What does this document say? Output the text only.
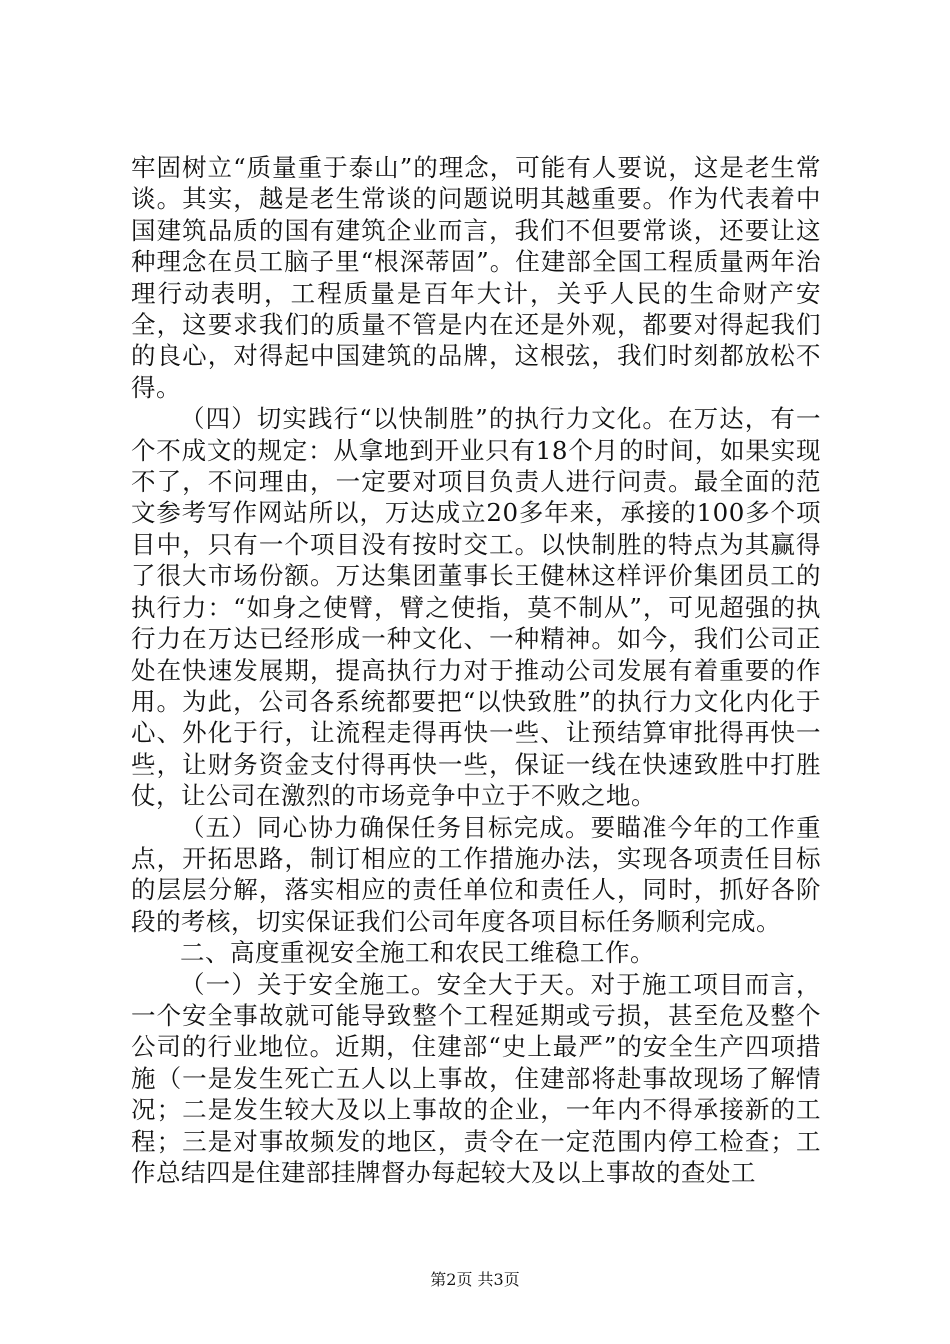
牢固树立“质量重于泰山”的理念，可能有人要说，这是老生常谈。其实，越是老生常谈的问题说明其越重要。作为代表着中国建筑品质的国有建筑企业而言，我们不但要常谈，还要让这种理念在员工脑子里“根深蒂固”。住建部全国工程质量两年治理行动表明，工程质量是百年大计，关乎人民的生命财产安全，这要求我们的质量不管是内在还是外观，都要对得起我们的良心，对得起中国建筑的品牌，这根弦，我们时刻都放松不得。

（四）切实践行“以快制胜”的执行力文化。在万达，有一个不成文的规定：从拿地到开业只有18个月的时间，如果实现不了，不问理由，一定要对项目负责人进行问责。最全面的范文参考写作网站所以，万达成立20多年来，承接的100多个项目中，只有一个项目没有按时交工。以快制胜的特点为其赢得了很大市场份额。万达集团董事长王健林这样评价集团员工的执行力：“如身之使臂，臂之使指，莫不制从”，可见超强的执行力在万达已经形成一种文化、一种精神。如今，我们公司正处在快速发展期，提高执行力对于推动公司发展有着重要的作用。为此，公司各系统都要把“以快致胜”的执行力文化内化于心、外化于行，让流程走得再快一些、让预结算审批得再快一些，让财务资金支付得再快一些，保证一线在快速致胜中打胜仗，让公司在激烈的市场竞争中立于不败之地。

（五）同心协力确保任务目标完成。要瞄准今年的工作重点，开拓思路，制订相应的工作措施办法，实现各项责任目标的层层分解，落实相应的责任单位和责任人，同时，抓好各阶段的考核，切实保证我们公司年度各项目标任务顺利完成。

二、高度重视安全施工和农民工维稳工作。

（一）关于安全施工。安全大于天。对于施工项目而言，一个安全事故就可能导致整个工程延期或亏损，甚至危及整个公司的行业地位。近期，住建部“史上最严”的安全生产四项措施（一是发生死亡五人以上事故，住建部将赴事故现场了解情况；二是发生较大及以上事故的企业，一年内不得承接新的工程；三是对事故频发的地区，责令在一定范围内停工检查；工作总结四是住建部挂牌督办每起较大及以上事故的查处工

第2页 共3页
